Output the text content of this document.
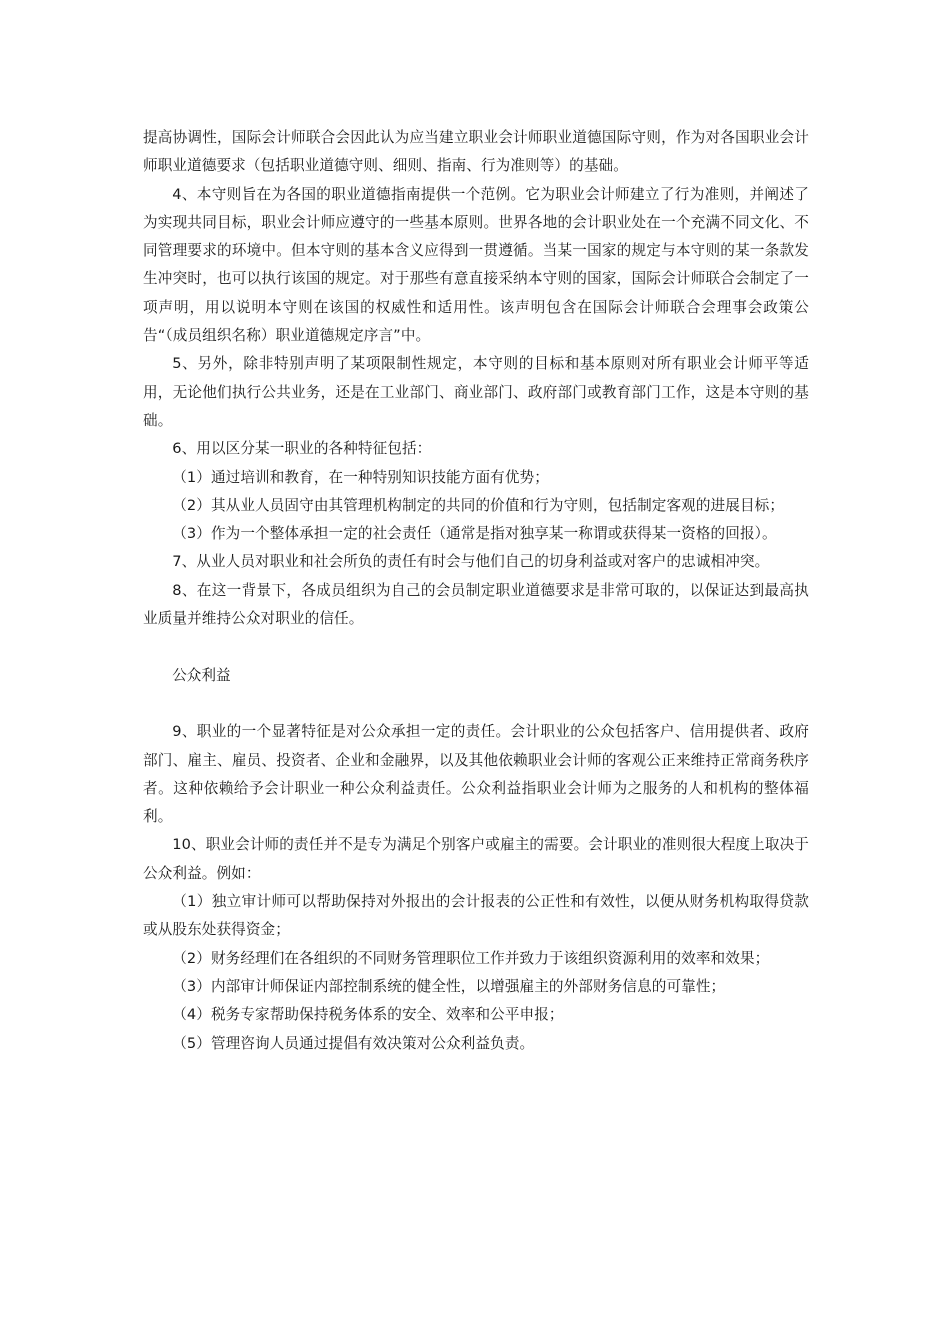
提高协调性，国际会计师联合会因此认为应当建立职业会计师职业道德国际守则，作为对各国职业会计师职业道德要求（包括职业道德守则、细则、指南、行为准则等）的基础。

4、本守则旨在为各国的职业道德指南提供一个范例。它为职业会计师建立了行为准则，并阐述了为实现共同目标，职业会计师应遵守的一些基本原则。世界各地的会计职业处在一个充满不同文化、不同管理要求的环境中。但本守则的基本含义应得到一贯遵循。当某一国家的规定与本守则的某一条款发生冲突时，也可以执行该国的规定。对于那些有意直接采纳本守则的国家，国际会计师联合会制定了一项声明，用以说明本守则在该国的权威性和适用性。该声明包含在国际会计师联合会理事会政策公告“（成员组织名称）职业道德规定序言”中。

5、另外，除非特别声明了某项限制性规定，本守则的目标和基本原则对所有职业会计师平等适用，无论他们执行公共业务，还是在工业部门、商业部门、政府部门或教育部门工作，这是本守则的基础。

6、用以区分某一职业的各种特征包括：

（1）通过培训和教育，在一种特别知识技能方面有优势；

（2）其从业人员固守由其管理机构制定的共同的价值和行为守则，包括制定客观的进展目标；

（3）作为一个整体承担一定的社会责任（通常是指对独享某一称谓或获得某一资格的回报）。

7、从业人员对职业和社会所负的责任有时会与他们自己的切身利益或对客户的忠诚相冲突。

8、在这一背景下，各成员组织为自己的会员制定职业道德要求是非常可取的，以保证达到最高执业质量并维持公众对职业的信任。

公众利益

9、职业的一个显著特征是对公众承担一定的责任。会计职业的公众包括客户、信用提供者、政府部门、雇主、雇员、投资者、企业和金融界，以及其他依赖职业会计师的客观公正来维持正常商务秩序者。这种依赖给予会计职业一种公众利益责任。公众利益指职业会计师为之服务的人和机构的整体福利。

10、职业会计师的责任并不是专为满足个别客户或雇主的需要。会计职业的准则很大程度上取决于公众利益。例如：

（1）独立审计师可以帮助保持对外报出的会计报表的公正性和有效性，以便从财务机构取得贷款或从股东处获得资金；

（2）财务经理们在各组织的不同财务管理职位工作并致力于该组织资源利用的效率和效果；

（3）内部审计师保证内部控制系统的健全性，以增强雇主的外部财务信息的可靠性；

（4）税务专家帮助保持税务体系的安全、效率和公平申报；

（5）管理咨询人员通过提倡有效决策对公众利益负责。
